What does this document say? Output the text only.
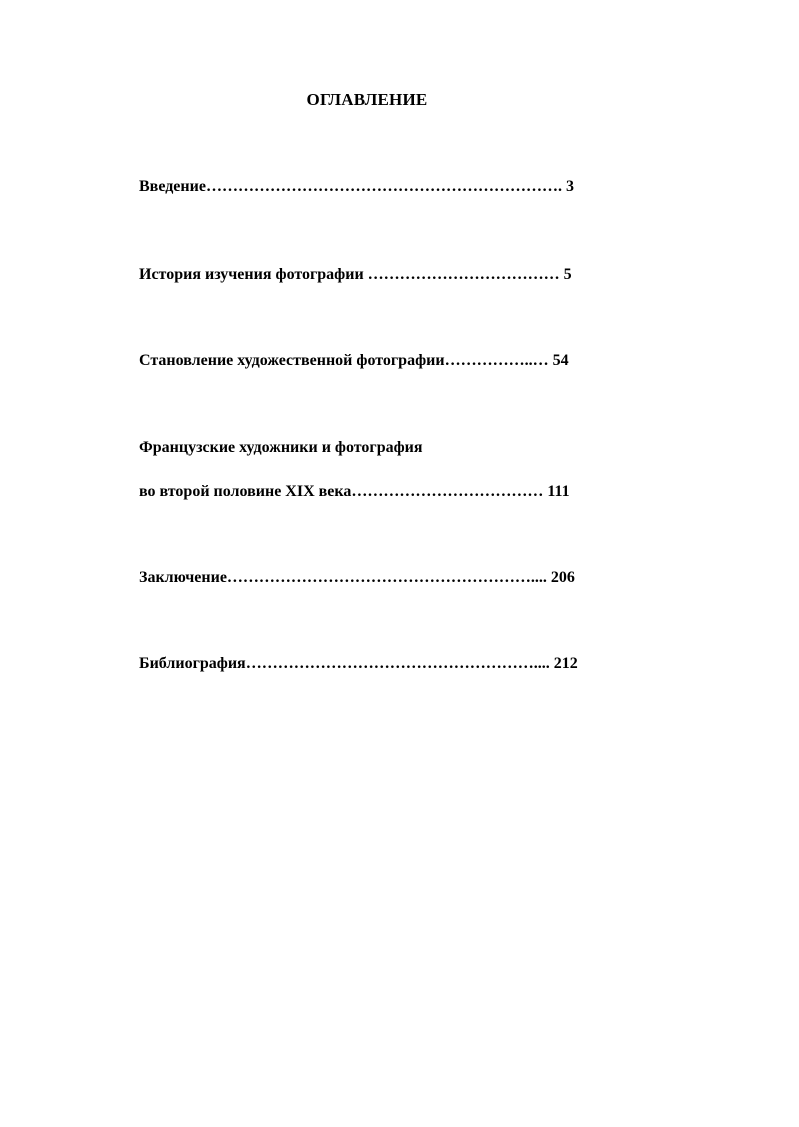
ОГЛАВЛЕНИЕ
Введение…………………………………………………………. 3
История изучения фотографии ……………………………… 5
Становление художественной фотографии……………..… 54
Французские художники и фотография
во второй половине XIX века……………………………… 111
Заключение………………………………………………….... 206
Библиография……………………………………………….... 212
